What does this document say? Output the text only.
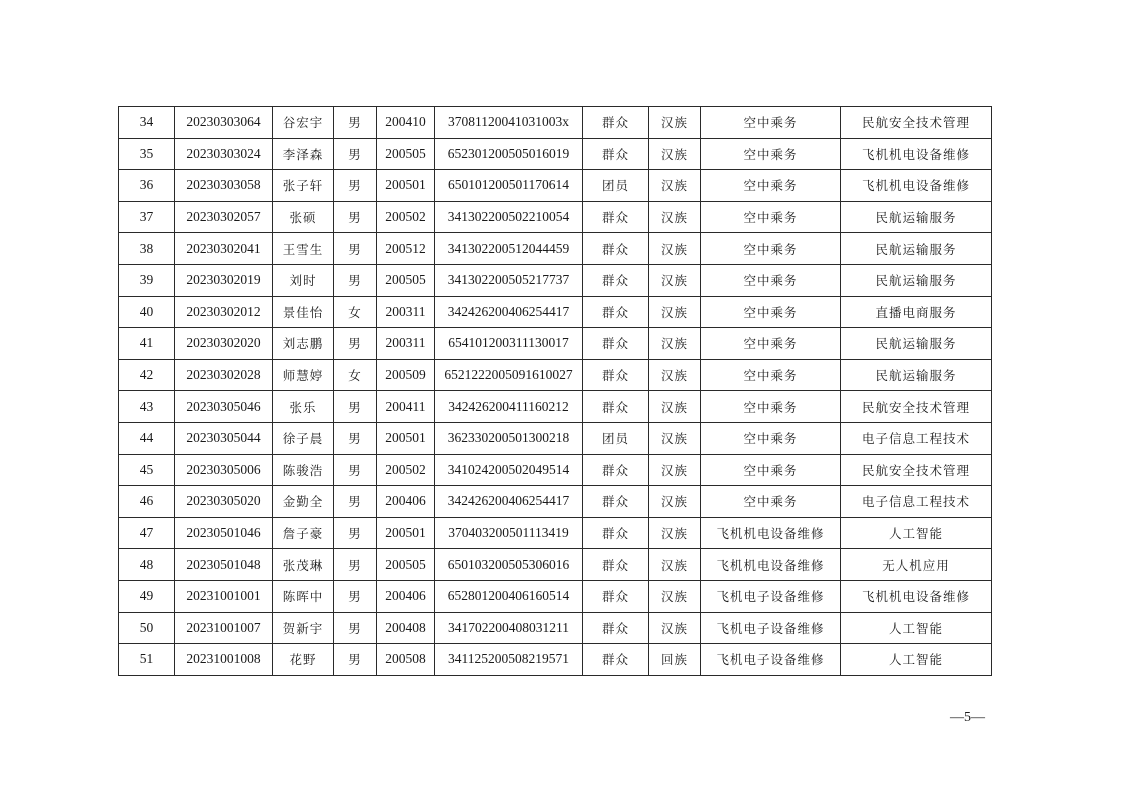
34	20230303064	谷宏宇	男	200410	37081120041031003x	群众	汉族	空中乘务	民航安全技术管理
35	20230303024	李泽森	男	200505	652301200505016019	群众	汉族	空中乘务	飞机机电设备维修
36	20230303058	张子轩	男	200501	650101200501170614	团员	汉族	空中乘务	飞机机电设备维修
37	20230302057	张硕	男	200502	341302200502210054	群众	汉族	空中乘务	民航运输服务
38	20230302041	王雪生	男	200512	341302200512044459	群众	汉族	空中乘务	民航运输服务
39	20230302019	刘时	男	200505	341302200505217737	群众	汉族	空中乘务	民航运输服务
40	20230302012	景佳怡	女	200311	342426200406254417	群众	汉族	空中乘务	直播电商服务
41	20230302020	刘志鹏	男	200311	654101200311130017	群众	汉族	空中乘务	民航运输服务
42	20230302028	师慧婷	女	200509	6521222005091610027	群众	汉族	空中乘务	民航运输服务
43	20230305046	张乐	男	200411	342426200411160212	群众	汉族	空中乘务	民航安全技术管理
44	20230305044	徐子晨	男	200501	362330200501300218	团员	汉族	空中乘务	电子信息工程技术
45	20230305006	陈骏浩	男	200502	341024200502049514	群众	汉族	空中乘务	民航安全技术管理
46	20230305020	金勤全	男	200406	342426200406254417	群众	汉族	空中乘务	电子信息工程技术
47	20230501046	詹子豪	男	200501	370403200501113419	群众	汉族	飞机机电设备维修	人工智能
48	20230501048	张茂琳	男	200505	650103200505306016	群众	汉族	飞机机电设备维修	无人机应用
49	20231001001	陈晖中	男	200406	652801200406160514	群众	汉族	飞机电子设备维修	飞机机电设备维修
50	20231001007	贺新宇	男	200408	341702200408031211	群众	汉族	飞机电子设备维修	人工智能
51	20231001008	花野	男	200508	341125200508219571	群众	回族	飞机电子设备维修	人工智能
—5—
